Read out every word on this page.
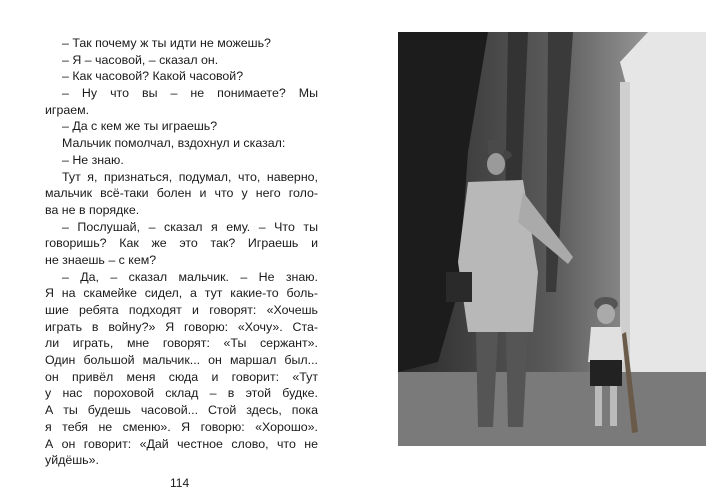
– Так почему ж ты идти не можешь?
– Я – часовой, – сказал он.
– Как часовой? Какой часовой?
– Ну что вы – не понимаете? Мы
играем.
– Да с кем же ты играешь?
Мальчик помолчал, вздохнул и сказал:
– Не знаю.
Тут я, признаться, подумал, что, наверно,
мальчик всё-таки болен и что у него голо-
ва не в порядке.
– Послушай, – сказал я ему. – Что ты
говоришь? Как же это так? Играешь и
не знаешь – с кем?
– Да, – сказал мальчик. – Не знаю.
Я на скамейке сидел, а тут какие-то боль-
шие ребята подходят и говорят: «Хочешь
играть в войну?» Я говорю: «Хочу». Ста-
ли играть, мне говорят: «Ты сержант».
Один большой мальчик... он маршал был...
он привёл меня сюда и говорит: «Тут
у нас пороховой склад – в этой будке.
А ты будешь часовой... Стой здесь, пока
я тебя не сменю». Я говорю: «Хорошо».
А он говорит: «Дай честное слово, что не
уйдёшь».
114
